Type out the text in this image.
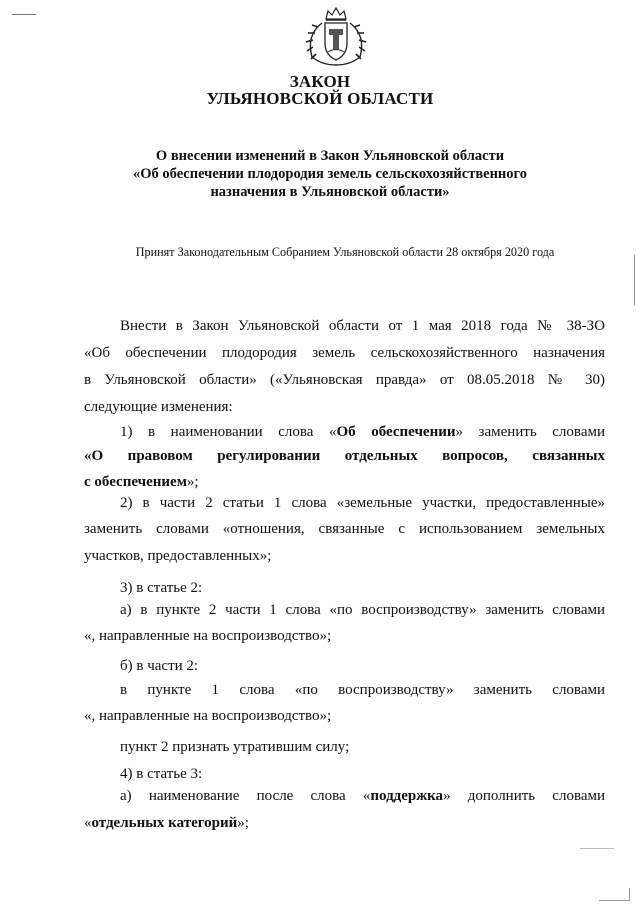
ЗАКОН
УЛЬЯНОВСКОЙ ОБЛАСТИ
О внесении изменений в Закон Ульяновской области
«Об обеспечении плодородия земель сельскохозяйственного
назначения в Ульяновской области»
Принят Законодательным Собранием Ульяновской области 28 октября 2020 года
Внести в Закон Ульяновской области от 1 мая 2018 года № 38-ЗО
«Об обеспечении плодородия земель сельскохозяйственного назначения
в Ульяновской области» («Ульяновская правда» от 08.05.2018 № 30)
следующие изменения:
1) в наименовании слова «Об обеспечении» заменить словами
«О правовом регулировании отдельных вопросов, связанных
с обеспечением»;
2) в части 2 статьи 1 слова «земельные участки, предоставленные»
заменить словами «отношения, связанные с использованием земельных
участков, предоставленных»;
3) в статье 2:
а) в пункте 2 части 1 слова «по воспроизводству» заменить словами
«, направленные на воспроизводство»;
б) в части 2:
в пункте 1 слова «по воспроизводству» заменить словами
«, направленные на воспроизводство»;
пункт 2 признать утратившим силу;
4) в статье 3:
а) наименование после слова «поддержка» дополнить словами
«отдельных категорий»;
